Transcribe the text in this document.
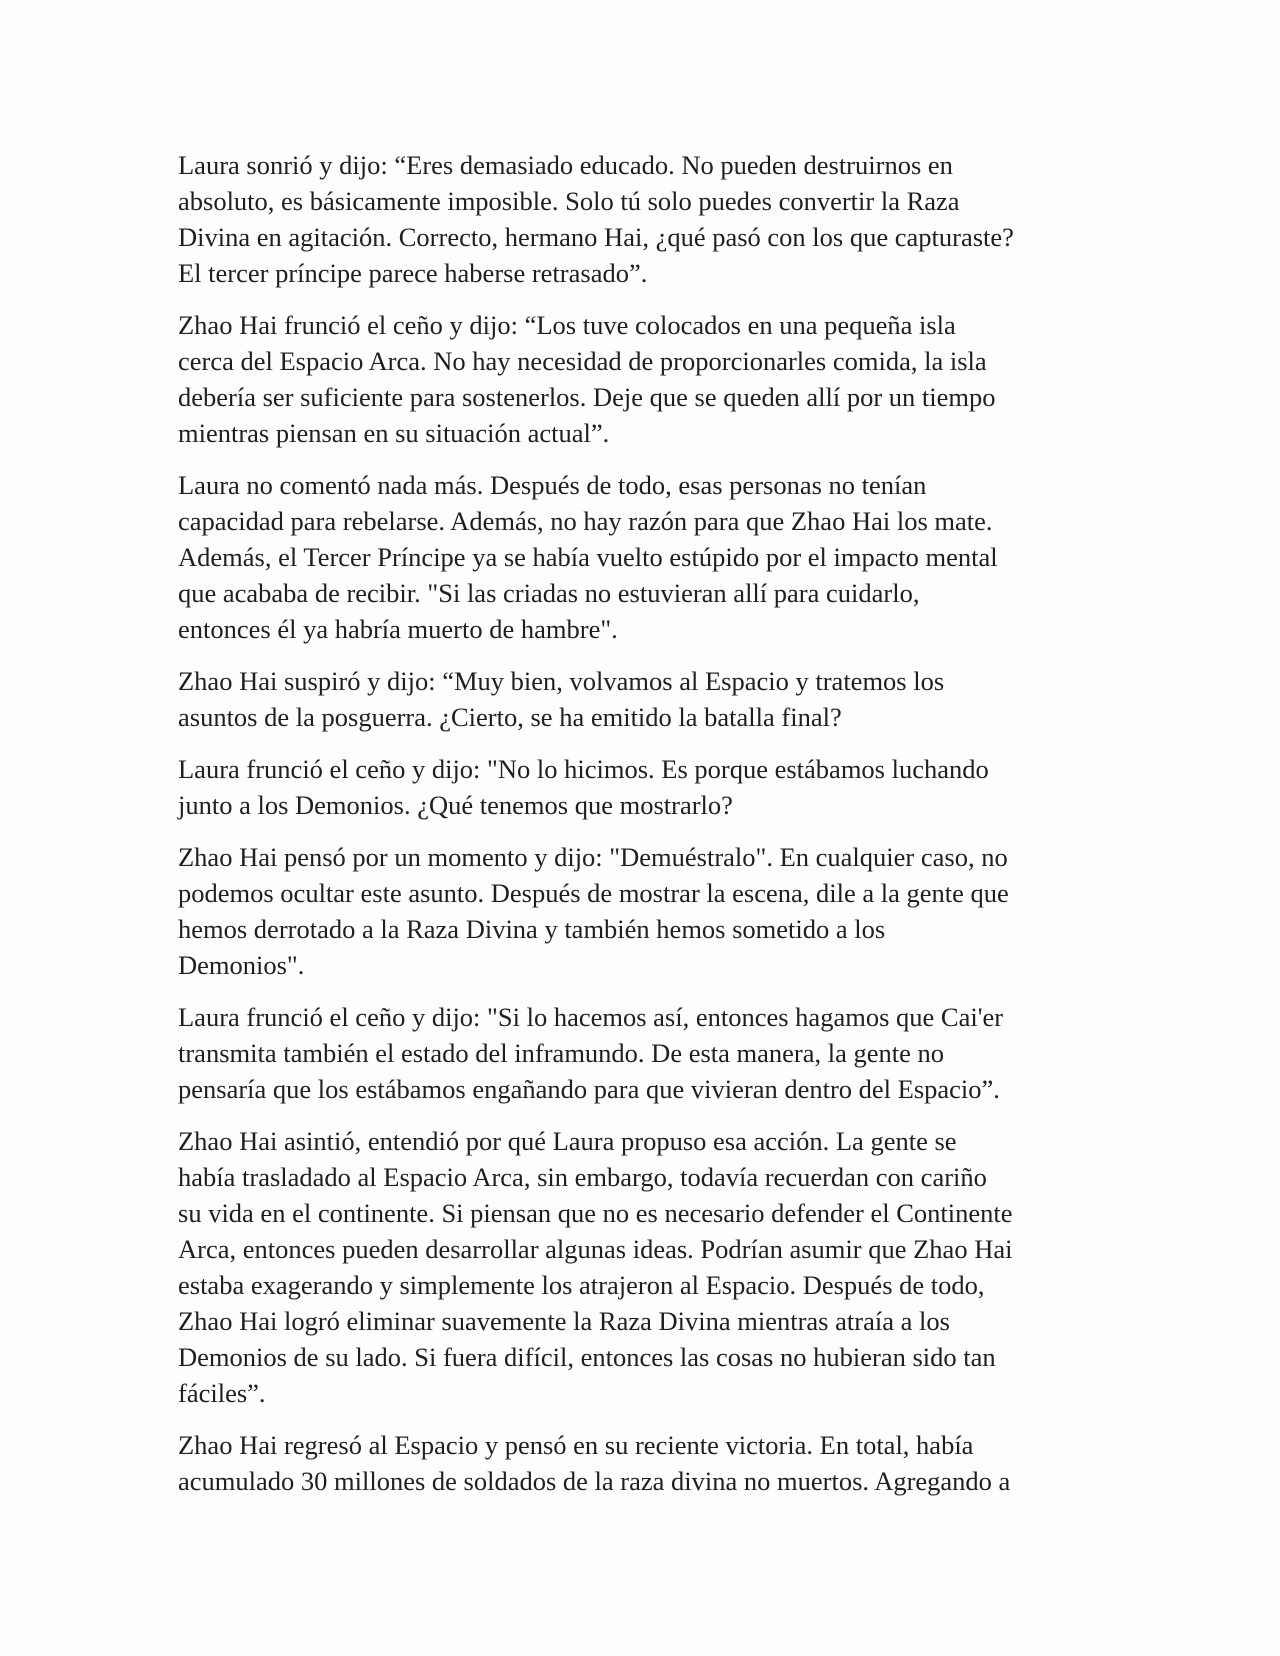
Laura sonrió y dijo: “Eres demasiado educado. No pueden destruirnos en
absoluto, es básicamente imposible. Solo tú solo puedes convertir la Raza
Divina en agitación. Correcto, hermano Hai, ¿qué pasó con los que capturaste?
El tercer príncipe parece haberse retrasado”.

Zhao Hai frunció el ceño y dijo: “Los tuve colocados en una pequeña isla
cerca del Espacio Arca. No hay necesidad de proporcionarles comida, la isla
debería ser suficiente para sostenerlos. Deje que se queden allí por un tiempo
mientras piensan en su situación actual”.

Laura no comentó nada más. Después de todo, esas personas no tenían
capacidad para rebelarse. Además, no hay razón para que Zhao Hai los mate.
Además, el Tercer Príncipe ya se había vuelto estúpido por el impacto mental
que acababa de recibir. "Si las criadas no estuvieran allí para cuidarlo,
entonces él ya habría muerto de hambre".

Zhao Hai suspiró y dijo: “Muy bien, volvamos al Espacio y tratemos los
asuntos de la posguerra. ¿Cierto, se ha emitido la batalla final?

Laura frunció el ceño y dijo: "No lo hicimos. Es porque estábamos luchando
junto a los Demonios. ¿Qué tenemos que mostrarlo?

Zhao Hai pensó por un momento y dijo: "Demuéstralo". En cualquier caso, no
podemos ocultar este asunto. Después de mostrar la escena, dile a la gente que
hemos derrotado a la Raza Divina y también hemos sometido a los
Demonios".

Laura frunció el ceño y dijo: "Si lo hacemos así, entonces hagamos que Cai'er
transmita también el estado del inframundo. De esta manera, la gente no
pensaría que los estábamos engañando para que vivieran dentro del Espacio”.

Zhao Hai asintió, entendió por qué Laura propuso esa acción. La gente se
había trasladado al Espacio Arca, sin embargo, todavía recuerdan con cariño
su vida en el continente. Si piensan que no es necesario defender el Continente
Arca, entonces pueden desarrollar algunas ideas. Podrían asumir que Zhao Hai
estaba exagerando y simplemente los atrajeron al Espacio. Después de todo,
Zhao Hai logró eliminar suavemente la Raza Divina mientras atraía a los
Demonios de su lado. Si fuera difícil, entonces las cosas no hubieran sido tan
fáciles”.

Zhao Hai regresó al Espacio y pensó en su reciente victoria. En total, había
acumulado 30 millones de soldados de la raza divina no muertos. Agregando a
